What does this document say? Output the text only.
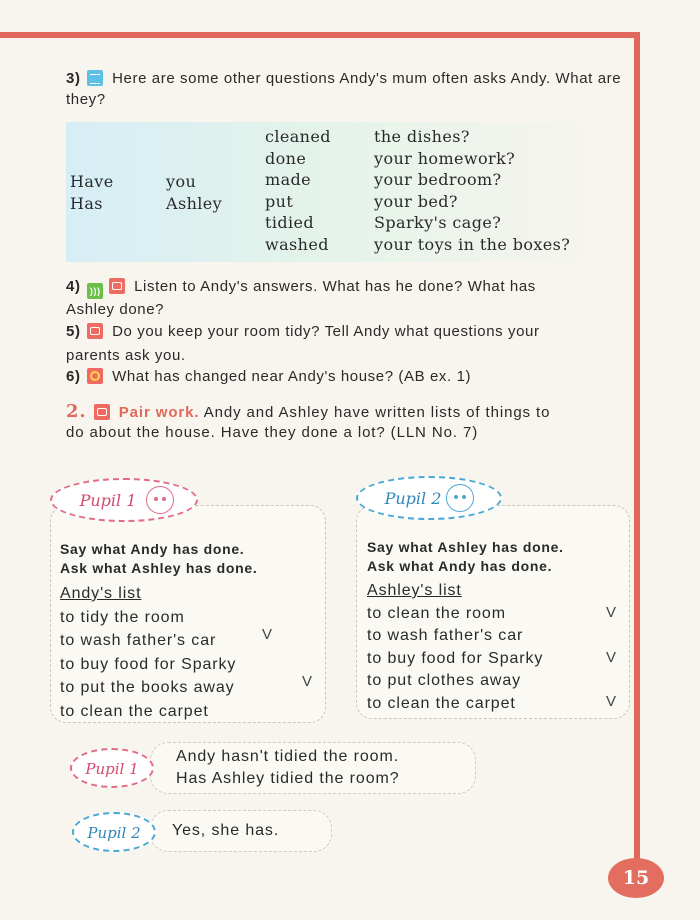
3) Here are some other questions Andy's mum often asks Andy. What are they?
Have
Has
you
Ashley
cleaned
done
made
put
tidied
washed
the dishes?
your homework?
your bedroom?
your bed?
Sparky's cage?
your toys in the boxes?
4) )))	Listen to Andy's answers. What has he done? What has Ashley done?
5) Do you keep your room tidy? Tell Andy what questions your parents ask you.
6) What has changed near Andy's house? (AB ex. 1)
2. Pair work. Andy and Ashley have written lists of things to do about the house. Have they done a lot? (LLN No. 7)
Pupil 1
Say what Andy has done.
Ask what Ashley has done.
Andy's list
to tidy the room
to wash father's car
to buy food for Sparky
to put the books away
to clean the carpet
V
V
Pupil 2
Say what Ashley has done.
Ask what Andy has done.
Ashley's list
to clean the room
to wash father's car
to buy food for Sparky
to put clothes away
to clean the carpet
V
V
V
Pupil 1
Andy hasn't tidied the room.
Has Ashley tidied the room?
Pupil 2	Yes, she has.
15
